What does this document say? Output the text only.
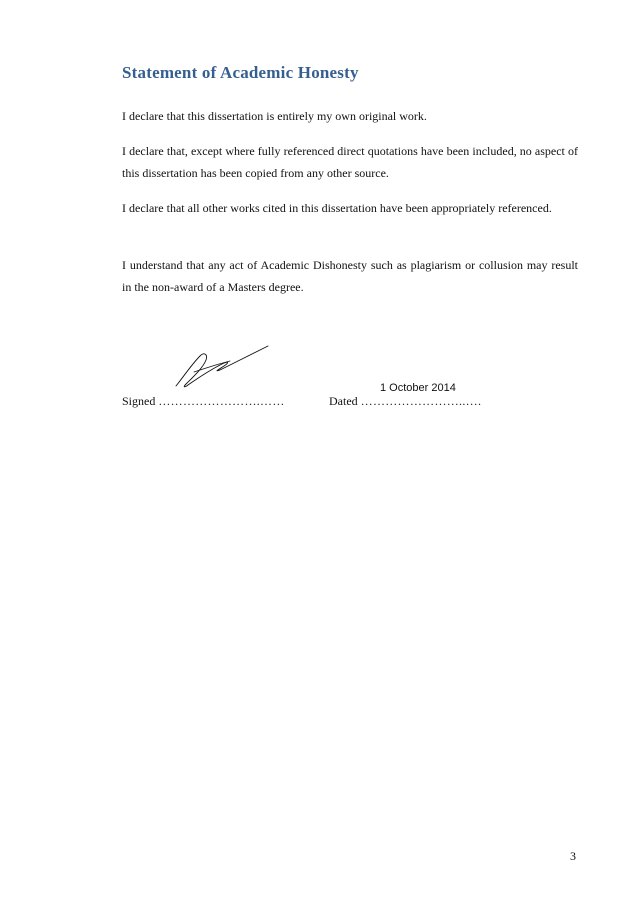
Statement of Academic Honesty

I declare that this dissertation is entirely my own original work.

I declare that, except where fully referenced direct quotations have been included, no aspect of this dissertation has been copied from any other source.

I declare that all other works cited in this dissertation have been appropriately referenced.

I understand that any act of Academic Dishonesty such as plagiarism or collusion may result in the non-award of a Masters degree.

1 October 2014
Signed …………………….……	Dated ……………………..….
3
